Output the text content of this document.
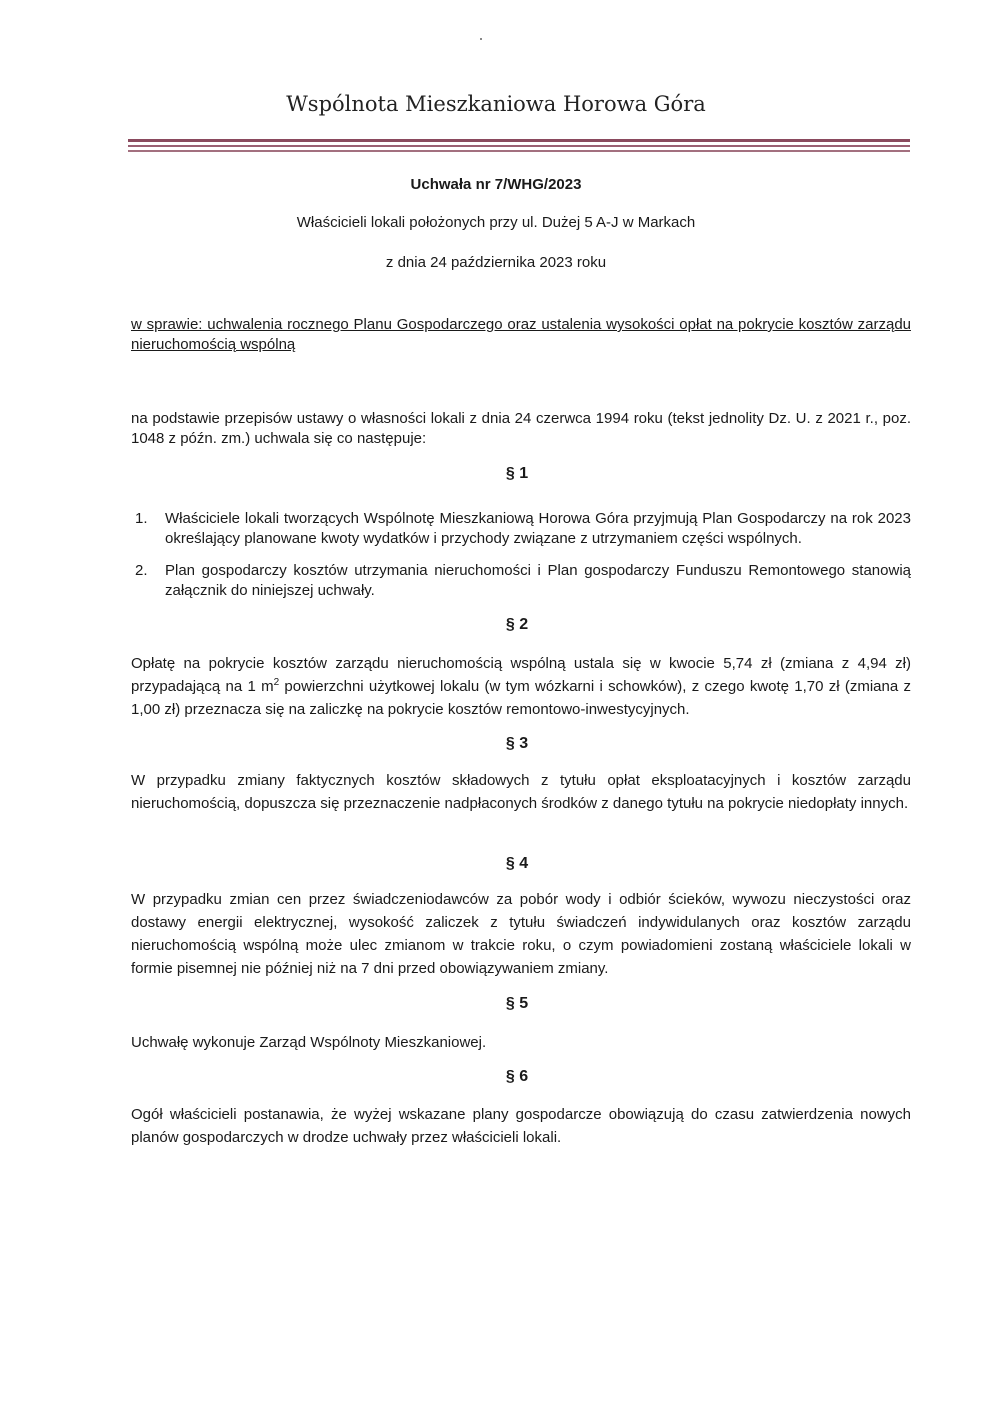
Wspólnota Mieszkaniowa Horowa Góra
Uchwała nr 7/WHG/2023
Właścicieli lokali położonych przy ul. Dużej 5 A-J w Markach
z dnia 24 października 2023 roku
w sprawie: uchwalenia rocznego Planu Gospodarczego oraz ustalenia wysokości opłat na pokrycie kosztów zarządu nieruchomością wspólną
na podstawie przepisów ustawy o własności lokali z dnia 24 czerwca 1994 roku (tekst jednolity Dz. U. z 2021 r., poz. 1048 z późn. zm.) uchwala się co następuje:
§ 1
1. Właściciele lokali tworzących Wspólnotę Mieszkaniową Horowa Góra przyjmują Plan Gospodarczy na rok 2023 określający planowane kwoty wydatków i przychody związane z utrzymaniem części wspólnych.
2. Plan gospodarczy kosztów utrzymania nieruchomości i Plan gospodarczy Funduszu Remontowego stanowią załącznik do niniejszej uchwały.
§ 2
Opłatę na pokrycie kosztów zarządu nieruchomością wspólną ustala się w kwocie 5,74 zł (zmiana z 4,94 zł) przypadającą na 1 $m^2$ powierzchni użytkowej lokalu (w tym wózkarni i schowków), z czego kwotę 1,70 zł (zmiana z 1,00 zł) przeznacza się na zaliczkę na pokrycie kosztów remontowo-inwestycyjnych.
§ 3
W przypadku zmiany faktycznych kosztów składowych z tytułu opłat eksploatacyjnych i kosztów zarządu nieruchomością, dopuszcza się przeznaczenie nadpłaconych środków z danego tytułu na pokrycie niedopłaty innych.
§ 4
W przypadku zmian cen przez świadczeniodawców za pobór wody i odbiór ścieków, wywozu nieczystości oraz dostawy energii elektrycznej, wysokość zaliczek z tytułu świadczeń indywidulanych oraz kosztów zarządu nieruchomością wspólną może ulec zmianom w trakcie roku, o czym powiadomieni zostaną właściciele lokali w formie pisemnej nie później niż na 7 dni przed obowiązywaniem zmiany.
§ 5
Uchwałę wykonuje Zarząd Wspólnoty Mieszkaniowej.
§ 6
Ogół właścicieli postanawia, że wyżej wskazane plany gospodarcze obowiązują do czasu zatwierdzenia nowych planów gospodarczych w drodze uchwały przez właścicieli lokali.
